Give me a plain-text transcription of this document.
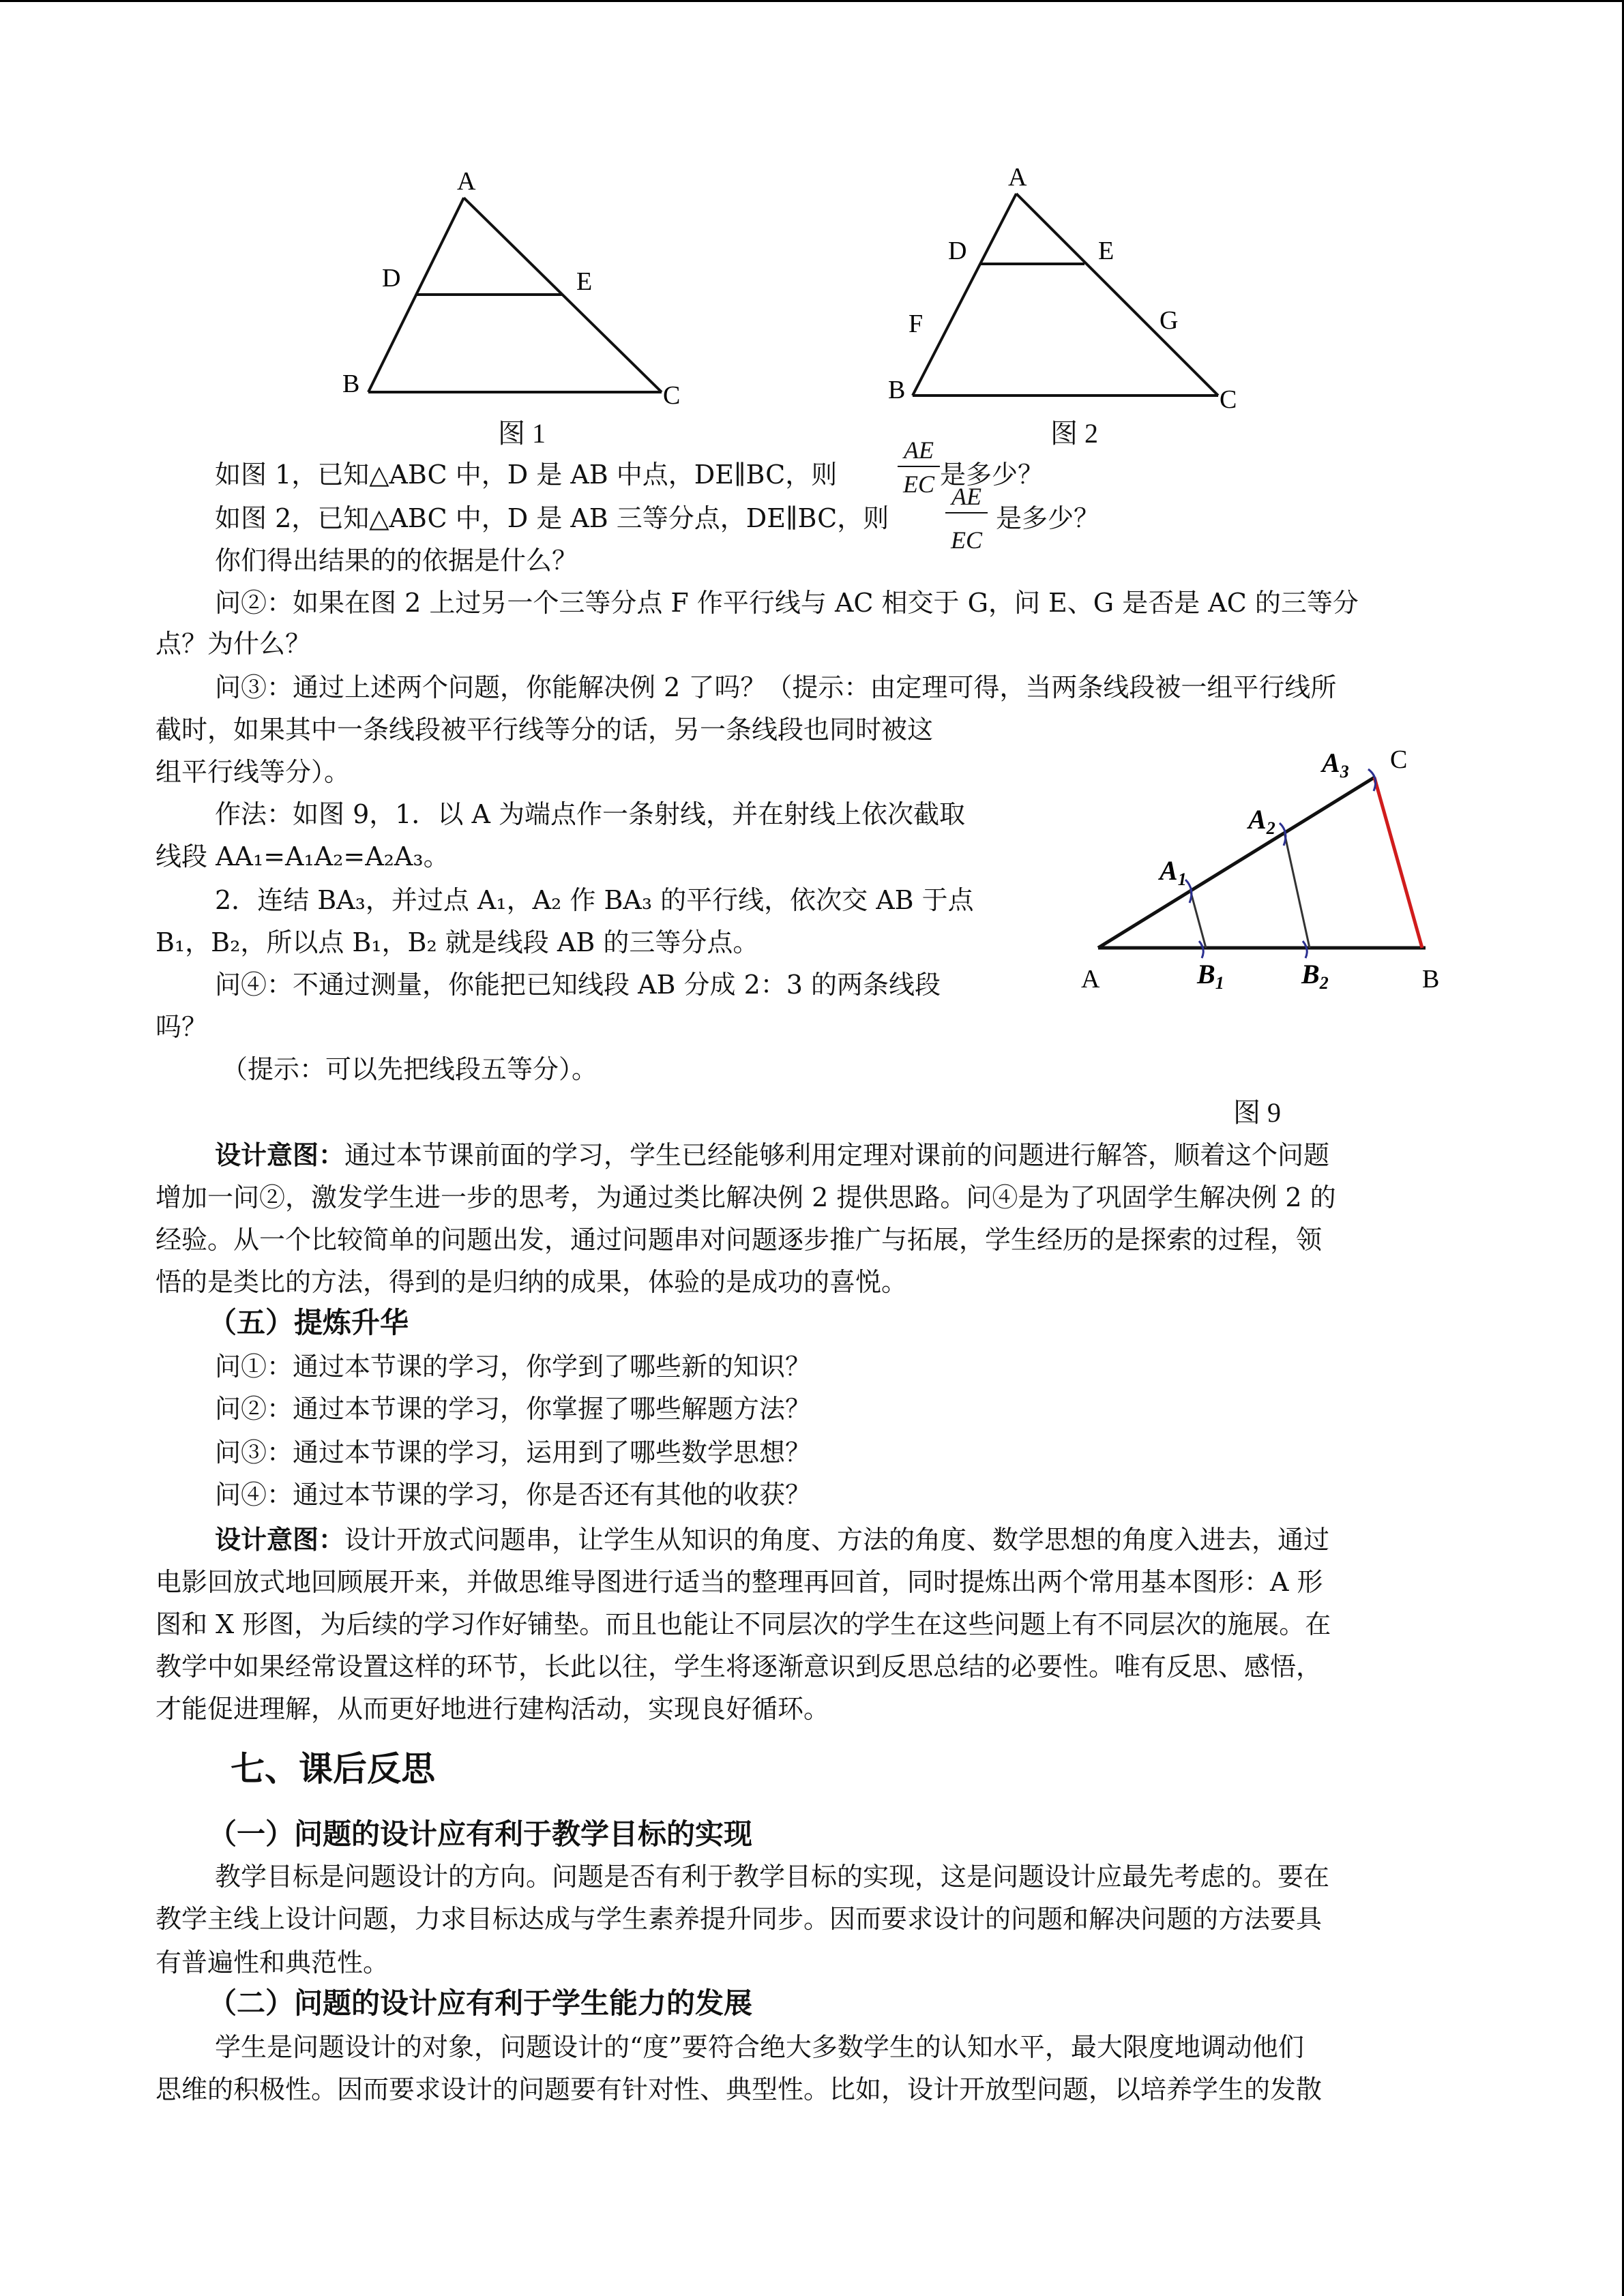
A
D	E
B	C
图 1
A
D	E
F	G
B	C
图 2
如图 1，已知△ABC 中，D 是 AB 中点，DE∥BC，则
AE
EC 是多少？
如图 2，已知△ABC 中，D 是 AB 三等分点，DE∥BC，则
AE
EC
是多少？
你们得出结果的的依据是什么？
问②：如果在图 2 上过另一个三等分点 F 作平行线与 AC 相交于 G，问 E、G 是否是 AC 的三等分
点？为什么？
问③：通过上述两个问题，你能解决例 2 了吗？（提示：由定理可得，当两条线段被一组平行线所
截时，如果其中一条线段被平行线等分的话，另一条线段也同时被这
组平行线等分）。
作法：如图 9，1．以 A 为端点作一条射线，并在射线上依次截取
线段 AA₁=A₁A₂=A₂A₃。
2．连结 BA₃，并过点 A₁，A₂ 作 BA₃ 的平行线，依次交 AB 于点
B₁，B₂，所以点 B₁，B₂ 就是线段 AB 的三等分点。
问④：不通过测量，你能把已知线段 AB 分成 2：3 的两条线段
吗？
（提示：可以先把线段五等分）。
A	B
C
$A_1$
$A_2$
$A_3$
$B_1$	$B_2$
图 9
设计意图：通过本节课前面的学习，学生已经能够利用定理对课前的问题进行解答，顺着这个问题
增加一问②，激发学生进一步的思考，为通过类比解决例 2 提供思路。问④是为了巩固学生解决例 2 的
经验。从一个比较简单的问题出发，通过问题串对问题逐步推广与拓展，学生经历的是探索的过程，领
悟的是类比的方法，得到的是归纳的成果，体验的是成功的喜悦。
（五）提炼升华
问①：通过本节课的学习，你学到了哪些新的知识？
问②：通过本节课的学习，你掌握了哪些解题方法？
问③：通过本节课的学习，运用到了哪些数学思想？
问④：通过本节课的学习，你是否还有其他的收获？
设计意图：设计开放式问题串，让学生从知识的角度、方法的角度、数学思想的角度入进去，通过
电影回放式地回顾展开来，并做思维导图进行适当的整理再回首，同时提炼出两个常用基本图形：A 形
图和 X 形图，为后续的学习作好铺垫。而且也能让不同层次的学生在这些问题上有不同层次的施展。在
教学中如果经常设置这样的环节，长此以往，学生将逐渐意识到反思总结的必要性。唯有反思、感悟，
才能促进理解，从而更好地进行建构活动，实现良好循环。
七、课后反思
（一）问题的设计应有利于教学目标的实现
教学目标是问题设计的方向。问题是否有利于教学目标的实现，这是问题设计应最先考虑的。要在
教学主线上设计问题，力求目标达成与学生素养提升同步。因而要求设计的问题和解决问题的方法要具
有普遍性和典范性。
（二）问题的设计应有利于学生能力的发展
学生是问题设计的对象，问题设计的“度”要符合绝大多数学生的认知水平，最大限度地调动他们
思维的积极性。因而要求设计的问题要有针对性、典型性。比如，设计开放型问题，以培养学生的发散
